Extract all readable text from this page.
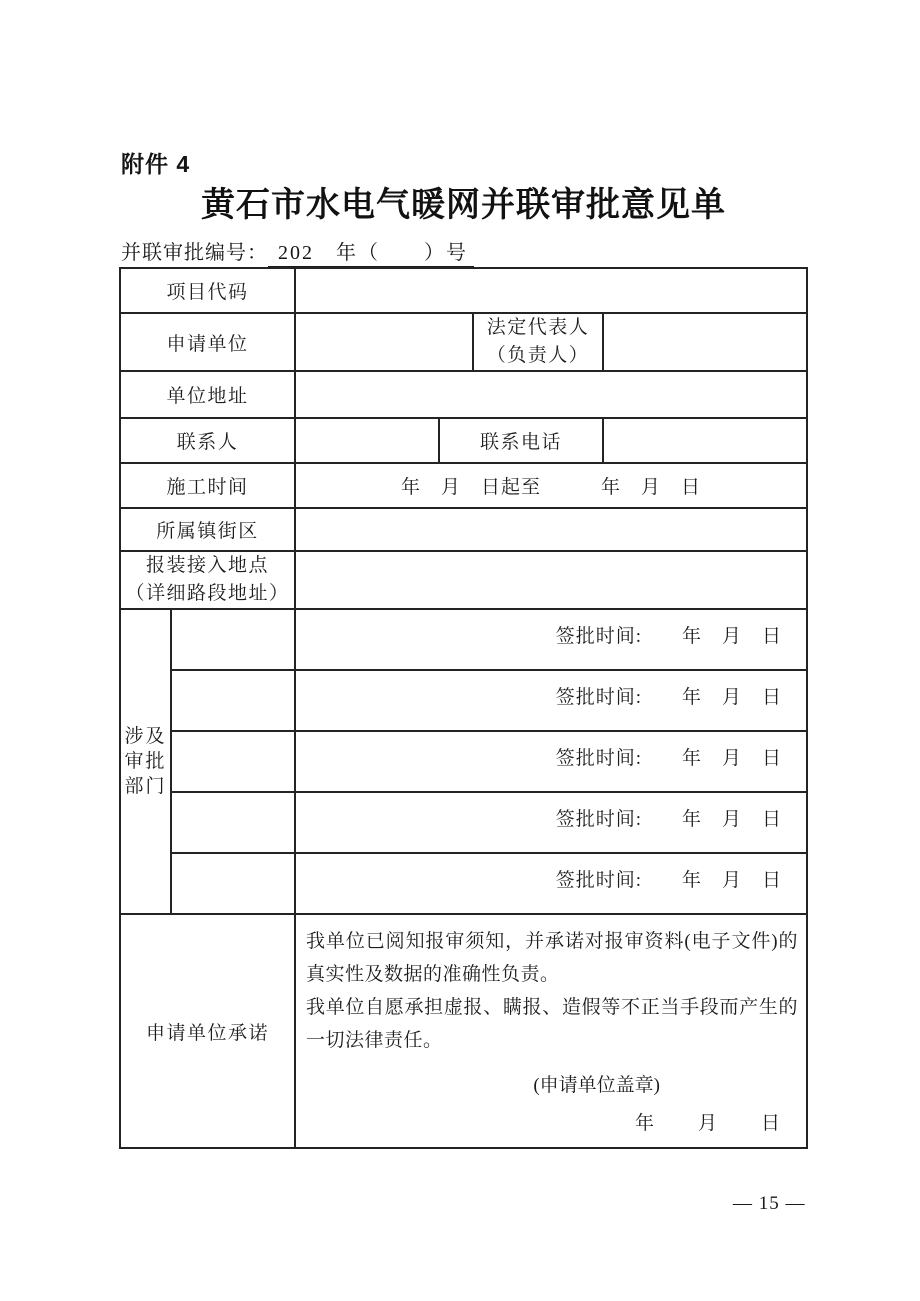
附件 4
黄石市水电气暖网并联审批意见单
并联审批编号： 202　年（　　）号
项目代码					
申请单位				法定代表人
（负责人）	

单位地址					
联系人			联系电话		
施工时间		年　月　日起至　　　年　月　日			
所属镇街区					

报装接入地点
（详细路段地址）					

涉及
审批
部门		签批时间:　　年　月　日			
		签批时间:　　年　月　日			
		签批时间:　　年　月　日			
		签批时间:　　年　月　日			
		签批时间:　　年　月　日			
申请单位承诺		我单位已阅知报审须知，并承诺对报审资料(电子文件)的真实性及数据的准确性负责。
我单位自愿承担虚报、瞒报、造假等不正当手段而产生的一切法律责任。
(申请单位盖章)
年　　月　　日			
— 15 —
